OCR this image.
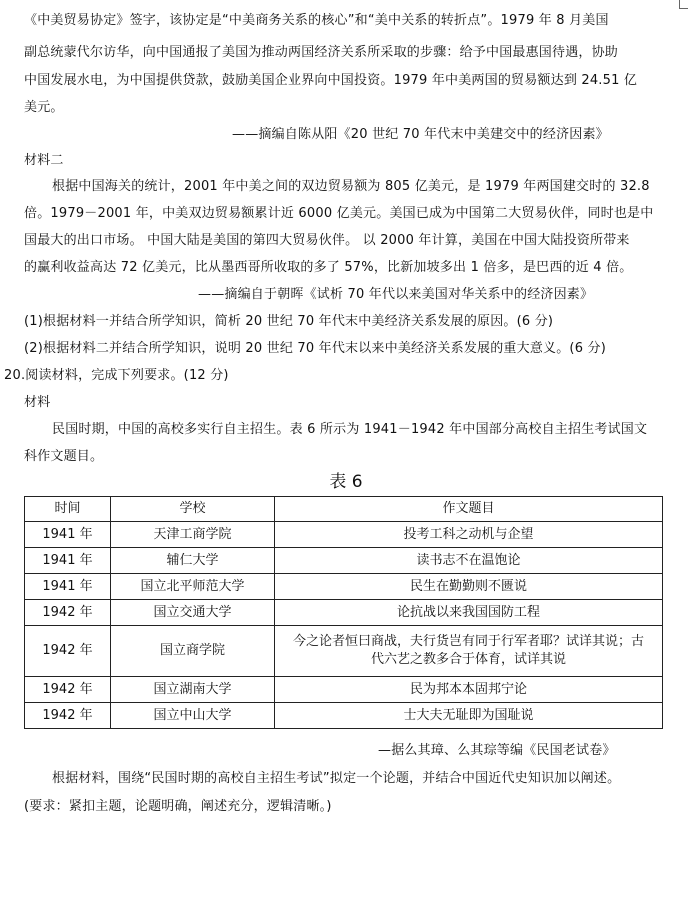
《中美贸易协定》签字，该协定是“中美商务关系的核心”和“美中关系的转折点”。1979 年 8 月美国
副总统蒙代尔访华，向中国通报了美国为推动两国经济关系所采取的步骤：给予中国最惠国待遇，协助
中国发展水电，为中国提供贷款，鼓励美国企业界向中国投资。1979 年中美两国的贸易额达到 24.51 亿
美元。
——摘编自陈从阳《20 世纪 70 年代末中美建交中的经济因素》
材料二
根据中国海关的统计，2001 年中美之间的双边贸易额为 805 亿美元，是 1979 年两国建交时的 32.8
倍。1979－2001 年，中美双边贸易额累计近 6000 亿美元。美国已成为中国第二大贸易伙伴，同时也是中
国最大的出口市场。 中国大陆是美国的第四大贸易伙伴。 以 2000 年计算，美国在中国大陆投资所带来
的赢利收益高达 72 亿美元，比从墨西哥所收取的多了 57%，比新加坡多出 1 倍多，是巴西的近 4 倍。
——摘编自于朝晖《试析 70 年代以来美国对华关系中的经济因素》
(1)根据材料一并结合所学知识，简析 20 世纪 70 年代末中美经济关系发展的原因。(6 分)
(2)根据材料二并结合所学知识，说明 20 世纪 70 年代末以来中美经济关系发展的重大意义。(6 分)
20.阅读材料，完成下列要求。(12 分)
材料
民国时期，中国的高校多实行自主招生。表 6 所示为 1941－1942 年中国部分高校自主招生考试国文
科作文题目。
表 6
时间	学校	作文题目
1941 年	天津工商学院	投考工科之动机与企望
1941 年	辅仁大学	读书志不在温饱论
1941 年	国立北平师范大学	民生在勤勤则不匮说
1942 年	国立交通大学	论抗战以来我国国防工程
1942 年	国立商学院	今之论者恒曰商战，夫行货岂有同于行军者耶？试详其说；古
代六艺之教多合于体育，试详其说

1942 年	国立湖南大学	民为邦本本固邦宁论
1942 年	国立中山大学	士大夫无耻即为国耻说
—据么其璋、么其琮等编《民国老试卷》
根据材料，围绕“民国时期的高校自主招生考试”拟定一个论题，并结合中国近代史知识加以阐述。
(要求：紧扣主题，论题明确，阐述充分，逻辑清晰。)
